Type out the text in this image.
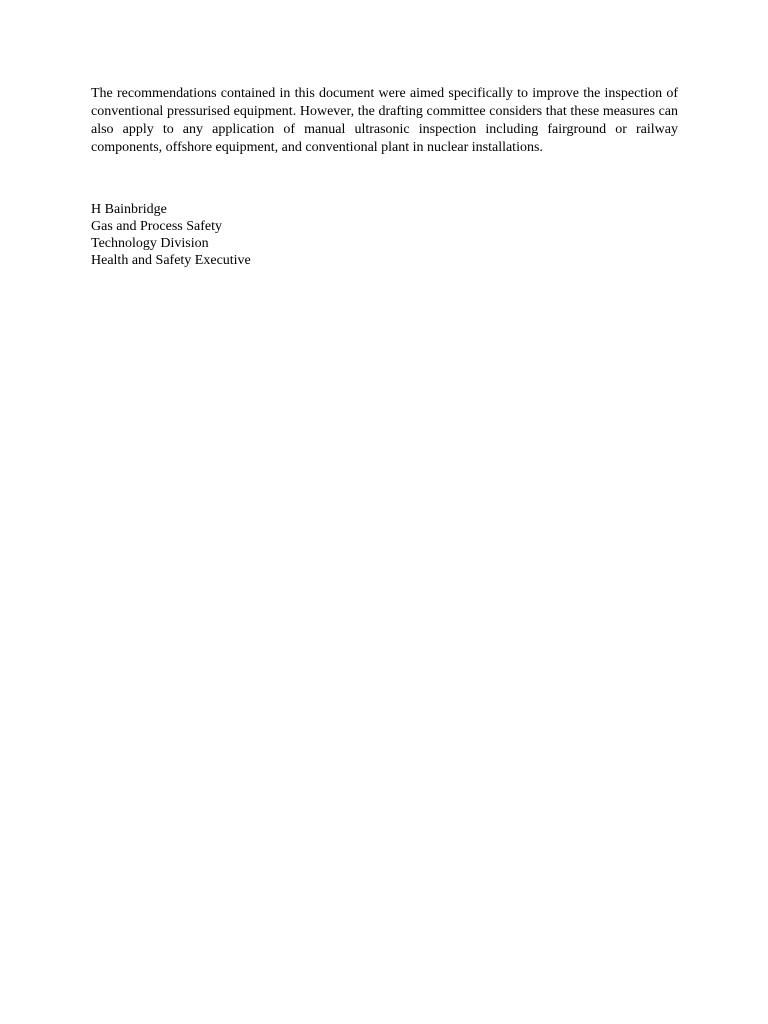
The recommendations contained in this document were aimed specifically to improve the inspection of conventional pressurised equipment. However, the drafting committee considers that these measures can also apply to any application of manual ultrasonic inspection including fairground or railway components, offshore equipment, and conventional plant in nuclear installations.

H Bainbridge
Gas and Process Safety
Technology Division
Health and Safety Executive
